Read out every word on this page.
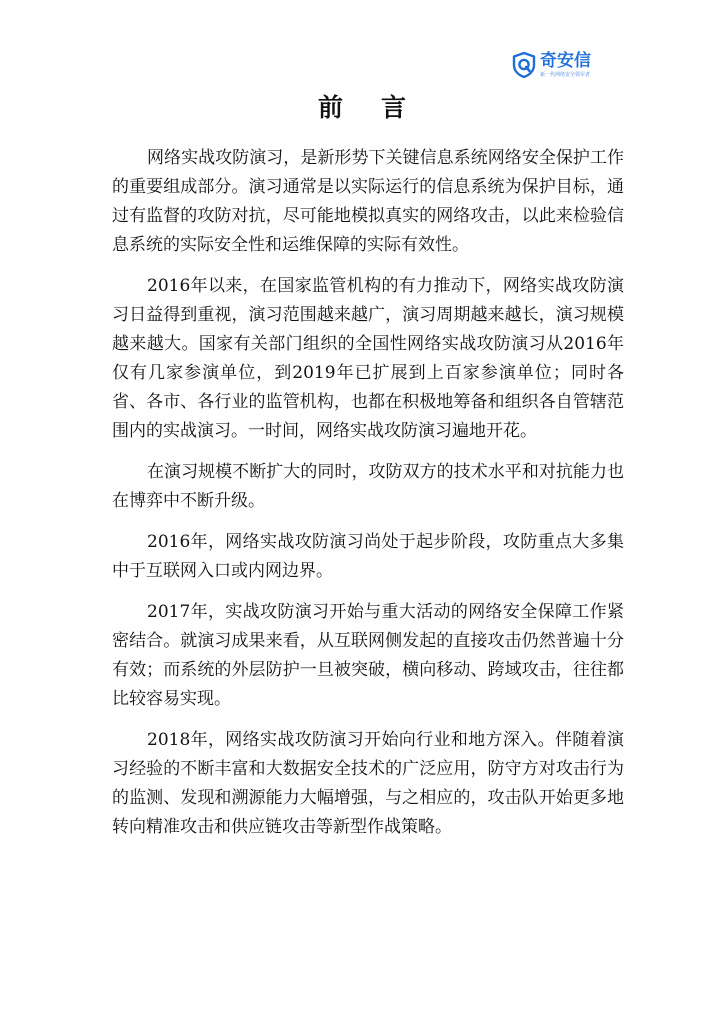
奇安信
新一代网络安全领军者
前言

网络实战攻防演习，是新形势下关键信息系统网络安全保护工作的重要组成部分。演习通常是以实际运行的信息系统为保护目标，通过有监督的攻防对抗，尽可能地模拟真实的网络攻击，以此来检验信息系统的实际安全性和运维保障的实际有效性。

2016年以来，在国家监管机构的有力推动下，网络实战攻防演习日益得到重视，演习范围越来越广，演习周期越来越长，演习规模越来越大。国家有关部门组织的全国性网络实战攻防演习从2016年仅有几家参演单位，到2019年已扩展到上百家参演单位；同时各省、各市、各行业的监管机构，也都在积极地筹备和组织各自管辖范围内的实战演习。一时间，网络实战攻防演习遍地开花。

在演习规模不断扩大的同时，攻防双方的技术水平和对抗能力也在博弈中不断升级。

2016年，网络实战攻防演习尚处于起步阶段，攻防重点大多集中于互联网入口或内网边界。

2017年，实战攻防演习开始与重大活动的网络安全保障工作紧密结合。就演习成果来看，从互联网侧发起的直接攻击仍然普遍十分有效；而系统的外层防护一旦被突破，横向移动、跨域攻击，往往都比较容易实现。

2018年，网络实战攻防演习开始向行业和地方深入。伴随着演习经验的不断丰富和大数据安全技术的广泛应用，防守方对攻击行为的监测、发现和溯源能力大幅增强，与之相应的，攻击队开始更多地转向精准攻击和供应链攻击等新型作战策略。
